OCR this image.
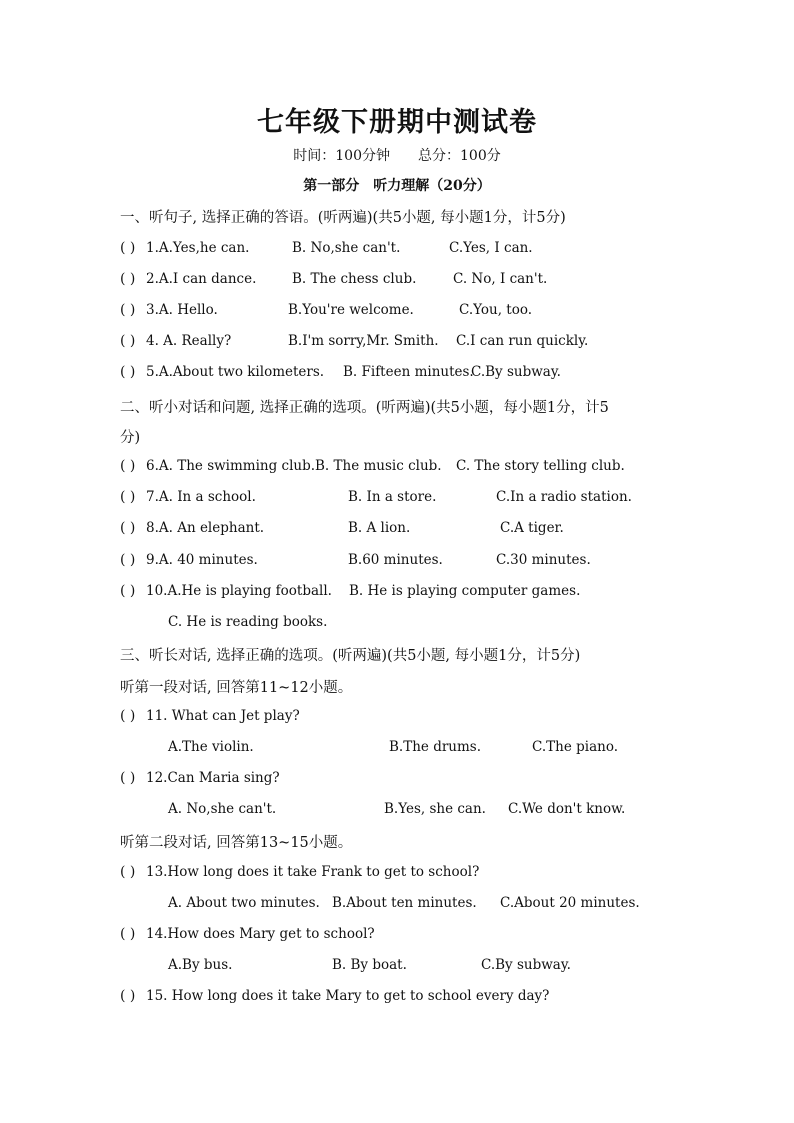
七年级下册期中测试卷
时间：100分钟 总分：100分
第一部分　听力理解（20分）
一、听句子, 选择正确的答语。(听两遍)(共5小题, 每小题1分，计5分)
( ) 1.A.Yes,he can.	B. No,she can't.	C.Yes, I can.
( ) 2.A.I can dance.	B. The chess club.	C. No, I can't.
( ) 3.A. Hello.	B.You're welcome.	C.You, too.
( ) 4. A. Really?	B.I'm sorry,Mr. Smith. C.I can run quickly.
( ) 5.A.About two kilometers. B. Fifteen minutes.
C.By subway.
二、听小对话和问题, 选择正确的选项。(听两遍)(共5小题，每小题1分，计5
分)
( ) 6.A. The swimming club. B. The music club. C. The story telling club.
( ) 7.A. In a school.	B. In a store.	C.In a radio station.
( ) 8.A. An elephant.	B. A lion.	C.A tiger.
( ) 9.A. 40 minutes.	B.60 minutes.	C.30 minutes.
( ) 10.A.He is playing football. B. He is playing computer games.
C. He is reading books.
三、听长对话, 选择正确的选项。(听两遍)(共5小题, 每小题1分，计5分)
听第一段对话, 回答第11~12小题。
( ) 11. What can Jet play?
A.The violin.	B.The drums.	C.The piano.
( ) 12.Can Maria sing?
A. No,she can't.	B.Yes, she can. C.We don't know.
听第二段对话, 回答第13~15小题。
( ) 13.How long does it take Frank to get to school?
A. About two minutes. B.About ten minutes. C.About 20 minutes.
( ) 14.How does Mary get to school?
A.By bus.	B. By boat.	C.By subway.
( ) 15. How long does it take Mary to get to school every day?
